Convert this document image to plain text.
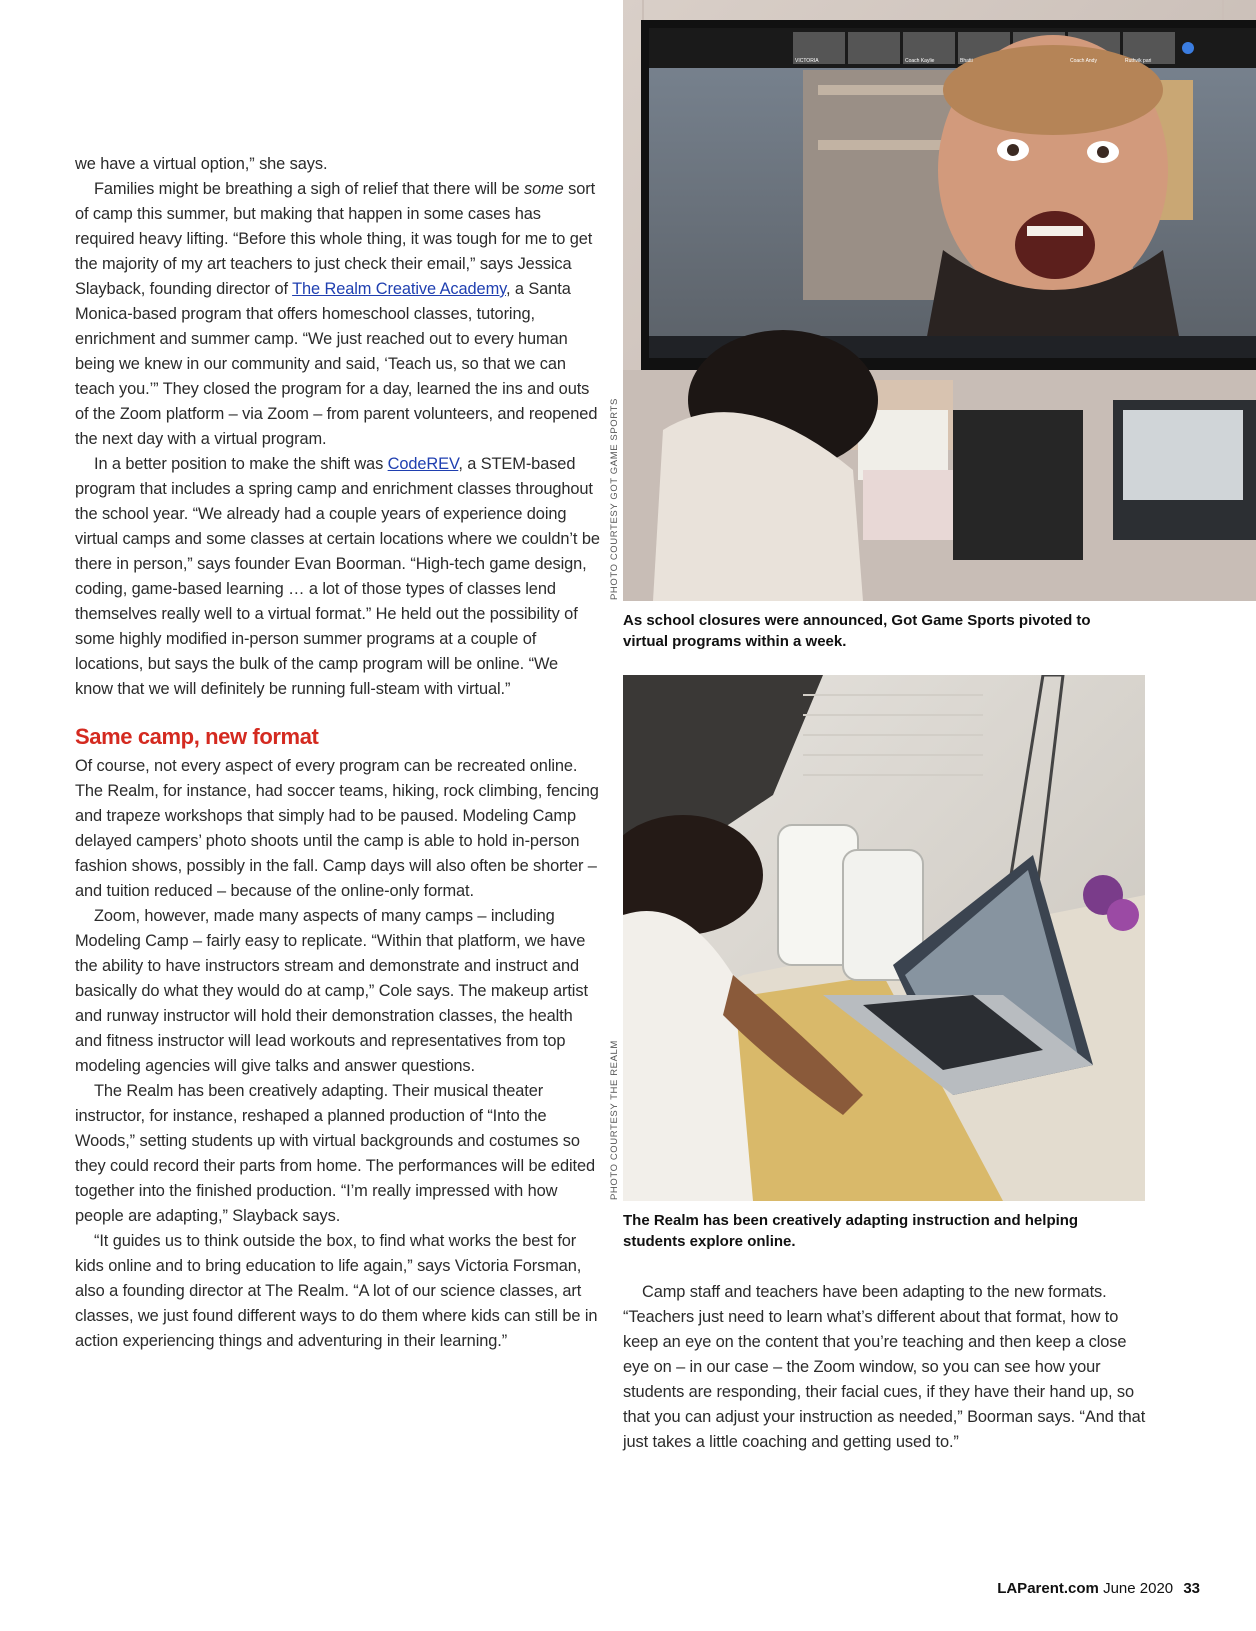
we have a virtual option,” she says.

Families might be breathing a sigh of relief that there will be some sort of camp this summer, but making that happen in some cases has required heavy lifting. “Before this whole thing, it was tough for me to get the majority of my art teachers to just check their email,” says Jessica Slayback, founding director of The Realm Creative Academy, a Santa Monica-based program that offers homeschool classes, tutoring, enrichment and summer camp. “We just reached out to every human being we knew in our community and said, ‘Teach us, so that we can teach you.’” They closed the program for a day, learned the ins and outs of the Zoom platform – via Zoom – from parent volunteers, and reopened the next day with a virtual program.

In a better position to make the shift was CodeREV, a STEM-based program that includes a spring camp and enrichment classes throughout the school year. “We already had a couple years of experience doing virtual camps and some classes at certain locations where we couldn’t be there in person,” says founder Evan Boorman. “High-tech game design, coding, game-based learning … a lot of those types of classes lend themselves really well to a virtual format.” He held out the possibility of some highly modified in-person summer programs at a couple of locations, but says the bulk of the camp program will be online. “We know that we will definitely be running full-steam with virtual.”

Same camp, new format

Of course, not every aspect of every program can be recreated online. The Realm, for instance, had soccer teams, hiking, rock climbing, fencing and trapeze workshops that simply had to be paused. Modeling Camp delayed campers’ photo shoots until the camp is able to hold in-person fashion shows, possibly in the fall. Camp days will also often be shorter – and tuition reduced – because of the online-only format.

Zoom, however, made many aspects of many camps – including Modeling Camp – fairly easy to replicate. “Within that platform, we have the ability to have instructors stream and demonstrate and instruct and basically do what they would do at camp,” Cole says. The makeup artist and runway instructor will hold their demonstration classes, the health and fitness instructor will lead workouts and representatives from top modeling agencies will give talks and answer questions.

The Realm has been creatively adapting. Their musical theater instructor, for instance, reshaped a planned production of “Into the Woods,” setting students up with virtual backgrounds and costumes so they could record their parts from home. The performances will be edited together into the finished production. “I’m really impressed with how people are adapting,” Slayback says.

“It guides us to think outside the box, to find what works the best for kids online and to bring education to life again,” says Victoria Forsman, also a founding director at The Realm. “A lot of our science classes, art classes, we just found different ways to do them where kids can still be in action experiencing things and adventuring in their learning.”

VICTORIA	Coach Kaylie	Bhatti	Coach Andy	Ruthvik pari
PHOTO COURTESY GOT GAME SPORTS
As school closures were announced, Got Game Sports pivoted to virtual programs within a week.
PHOTO COURTESY THE REALM
The Realm has been creatively adapting instruction and helping students explore online.

Camp staff and teachers have been adapting to the new formats. “Teachers just need to learn what’s different about that format, how to keep an eye on the content that you’re teaching and then keep a close eye on – in our case – the Zoom window, so you can see how your students are responding, their facial cues, if they have their hand up, so that you can adjust your instruction as needed,” Boorman says. “And that just takes a little coaching and getting used to.”

LAParent.com June 2020 33
